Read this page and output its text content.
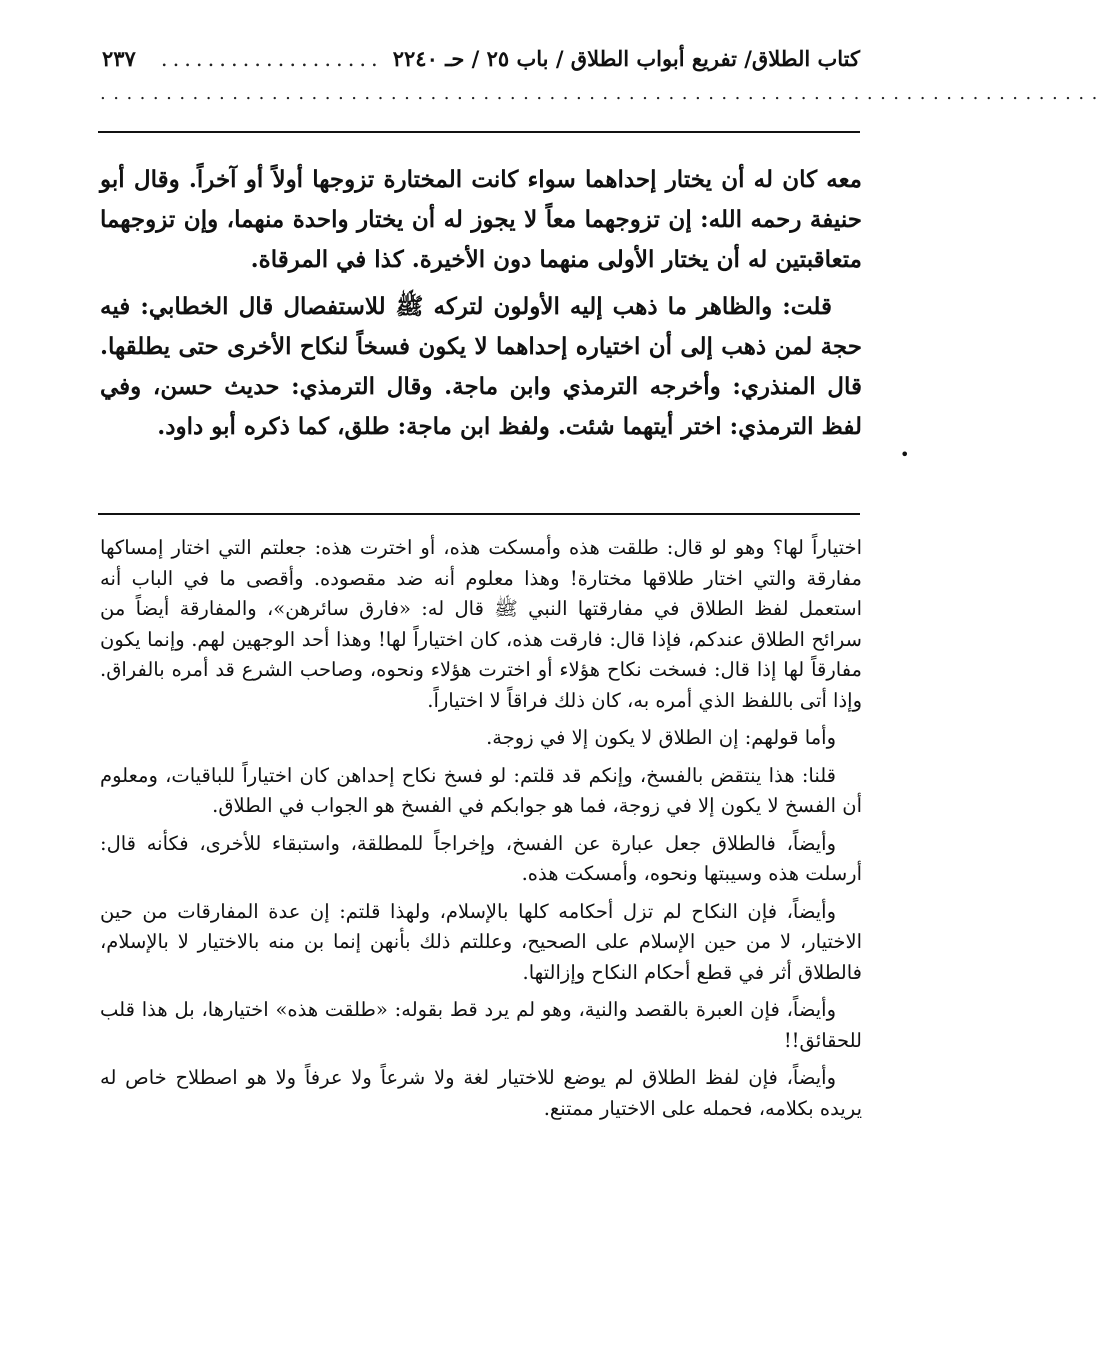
كتاب الطلاق/ تفريع أبواب الطلاق / باب ٢٥ / حـ ٢٢٤٠
...................
٢٣٧
............................................................................

معه كان له أن يختار إحداهما سواء كانت المختارة تزوجها أولاً أو آخراً. وقال أبو حنيفة رحمه الله: إن تزوجهما معاً لا يجوز له أن يختار واحدة منهما، وإن تزوجهما متعاقبتين له أن يختار الأولى منهما دون الأخيرة. كذا في المرقاة.

قلت: والظاهر ما ذهب إليه الأولون لتركه ﷺ للاستفصال قال الخطابي: فيه حجة لمن ذهب إلى أن اختياره إحداهما لا يكون فسخاً لنكاح الأخرى حتى يطلقها. قال المنذري: وأخرجه الترمذي وابن ماجة. وقال الترمذي: حديث حسن، وفي لفظ الترمذي: اختر أيتهما شئت. ولفظ ابن ماجة: طلق، كما ذكره أبو داود.

•

اختياراً لها؟ وهو لو قال: طلقت هذه وأمسكت هذه، أو اخترت هذه: جعلتم التي اختار إمساكها مفارقة والتي اختار طلاقها مختارة! وهذا معلوم أنه ضد مقصوده. وأقصى ما في الباب أنه استعمل لفظ الطلاق في مفارقتها النبي ﷺ قال له: «فارق سائرهن»، والمفارقة أيضاً من سرائح الطلاق عندكم، فإذا قال: فارقت هذه، كان اختياراً لها! وهذا أحد الوجهين لهم. وإنما يكون مفارقاً لها إذا قال: فسخت نكاح هؤلاء أو اخترت هؤلاء ونحوه، وصاحب الشرع قد أمره بالفراق. وإذا أتى باللفظ الذي أمره به، كان ذلك فراقاً لا اختياراً.

وأما قولهم: إن الطلاق لا يكون إلا في زوجة.

قلنا: هذا ينتقض بالفسخ، وإنكم قد قلتم: لو فسخ نكاح إحداهن كان اختياراً للباقيات، ومعلوم أن الفسخ لا يكون إلا في زوجة، فما هو جوابكم في الفسخ هو الجواب في الطلاق.

وأيضاً، فالطلاق جعل عبارة عن الفسخ، وإخراجاً للمطلقة، واستبقاء للأخرى، فكأنه قال: أرسلت هذه وسيبتها ونحوه، وأمسكت هذه.

وأيضاً، فإن النكاح لم تزل أحكامه كلها بالإسلام، ولهذا قلتم: إن عدة المفارقات من حين الاختيار، لا من حين الإسلام على الصحيح، وعللتم ذلك بأنهن إنما بن منه بالاختيار لا بالإسلام، فالطلاق أثر في قطع أحكام النكاح وإزالتها.

وأيضاً، فإن العبرة بالقصد والنية، وهو لم يرد قط بقوله: «طلقت هذه» اختيارها، بل هذا قلب للحقائق!!

وأيضاً، فإن لفظ الطلاق لم يوضع للاختيار لغة ولا شرعاً ولا عرفاً ولا هو اصطلاح خاص له يريده بكلامه، فحمله على الاختيار ممتنع.
